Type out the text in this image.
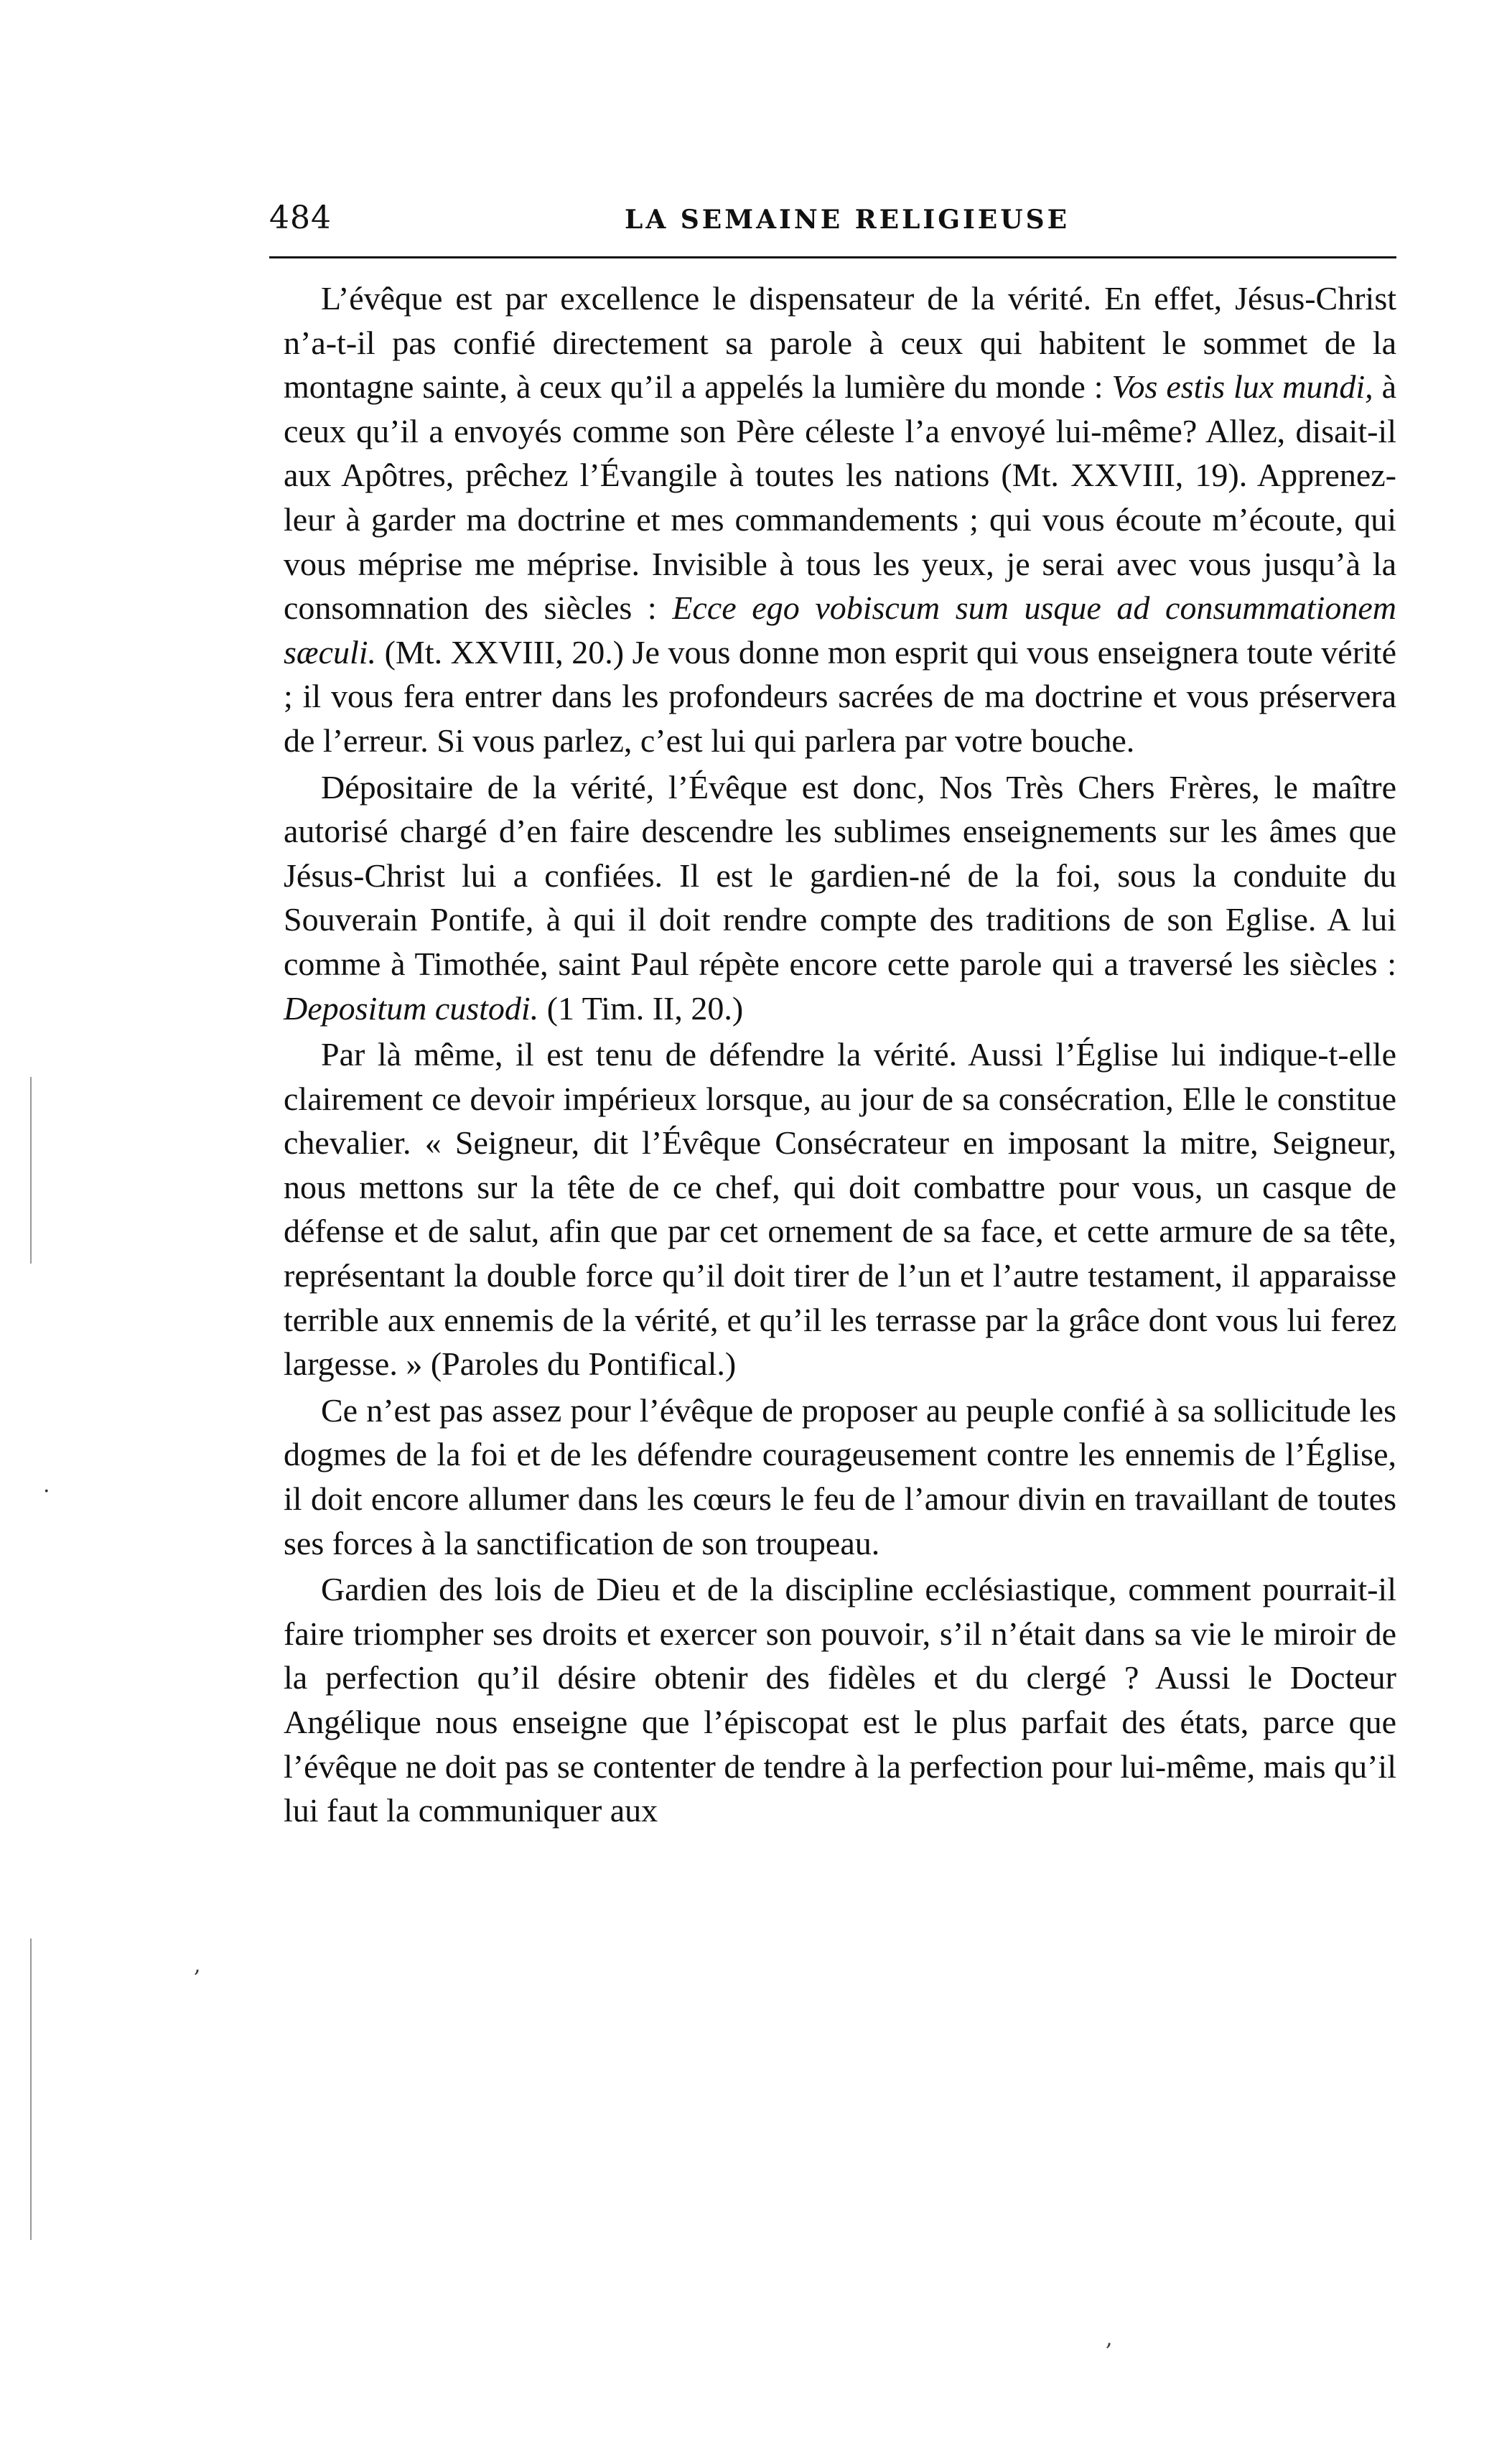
484	LA SEMAINE RELIGIEUSE

L’évêque est par excellence le dispensateur de la vérité. En effet, Jésus-Christ n’a-t-il pas confié directement sa parole à ceux qui habitent le sommet de la montagne sainte, à ceux qu’il a appelés la lumière du monde : Vos estis lux mundi, à ceux qu’il a envoyés comme son Père céleste l’a envoyé lui-même? Allez, disait-il aux Apôtres, prêchez l’Évangile à toutes les nations (Mt. XXVIII, 19). Apprenez-leur à garder ma doctrine et mes commandements ; qui vous écoute m’écoute, qui vous méprise me méprise. Invisible à tous les yeux, je serai avec vous jusqu’à la consomnation des siècles : Ecce ego vobiscum sum usque ad consummationem sæculi. (Mt. XXVIII, 20.) Je vous donne mon esprit qui vous enseignera toute vérité ; il vous fera entrer dans les profondeurs sacrées de ma doctrine et vous préservera de l’erreur. Si vous parlez, c’est lui qui parlera par votre bouche.

Dépositaire de la vérité, l’Évêque est donc, Nos Très Chers Frères, le maître autorisé chargé d’en faire descendre les sublimes enseignements sur les âmes que Jésus-Christ lui a confiées. Il est le gardien-né de la foi, sous la conduite du Souverain Pontife, à qui il doit rendre compte des traditions de son Eglise. A lui comme à Timothée, saint Paul répète encore cette parole qui a traversé les siècles : Depositum custodi. (1 Tim. II, 20.)

Par là même, il est tenu de défendre la vérité. Aussi l’Église lui indique-t-elle clairement ce devoir impérieux lorsque, au jour de sa consécration, Elle le constitue chevalier. « Seigneur, dit l’Évêque Consécrateur en imposant la mitre, Seigneur, nous mettons sur la tête de ce chef, qui doit combattre pour vous, un casque de défense et de salut, afin que par cet ornement de sa face, et cette armure de sa tête, représentant la double force qu’il doit tirer de l’un et l’autre testament, il apparaisse terrible aux ennemis de la vérité, et qu’il les terrasse par la grâce dont vous lui ferez largesse. » (Paroles du Pontifical.)

Ce n’est pas assez pour l’évêque de proposer au peuple confié à sa sollicitude les dogmes de la foi et de les défendre courageusement contre les ennemis de l’Église, il doit encore allumer dans les cœurs le feu de l’amour divin en travaillant de toutes ses forces à la sanctification de son troupeau.

Gardien des lois de Dieu et de la discipline ecclésiastique, comment pourrait-il faire triompher ses droits et exercer son pouvoir, s’il n’était dans sa vie le miroir de la perfection qu’il désire obtenir des fidèles et du clergé ? Aussi le Docteur Angélique nous enseigne que l’épiscopat est le plus parfait des états, parce que l’évêque ne doit pas se contenter de tendre à la perfection pour lui-même, mais qu’il lui faut la communiquer aux

,
·
,
